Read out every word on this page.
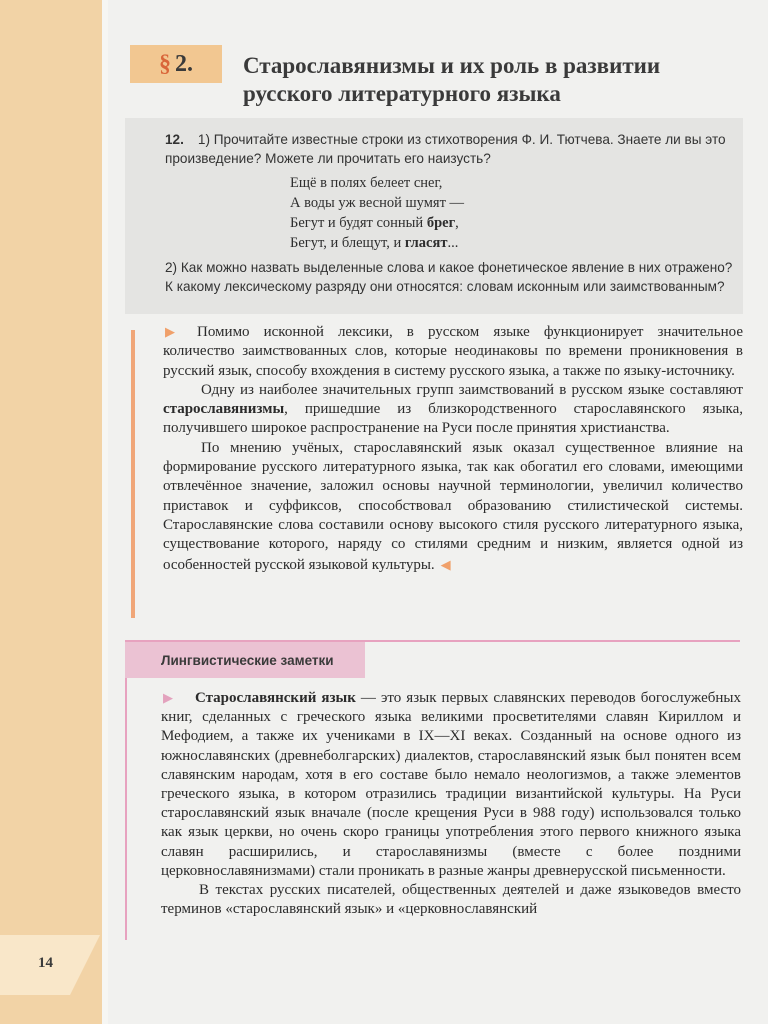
14
§ 2. Старославянизмы и их роль в развитии
русского литературного языка
12. 1) Прочитайте известные строки из стихотворения Ф. И. Тютчева. Знаете ли вы это произведение? Можете ли прочитать его наизусть?
Ещё в полях белеет снег,
А воды уж весной шумят —
Бегут и будят сонный брег,
Бегут, и блещут, и гласят...
2) Как можно назвать выделенные слова и какое фонетическое явление в них отражено? К какому лексическому разряду они относятся: словам исконным или заимствованным?

▶ Помимо исконной лексики, в русском языке функционирует значительное количество заимствованных слов, которые неодинаковы по времени проникновения в русский язык, способу вхождения в систему русского языка, а также по языку-источнику.

Одну из наиболее значительных групп заимствований в русском языке составляют старославянизмы, пришедшие из близкородственного старославянского языка, получившего широкое распространение на Руси после принятия христианства.

По мнению учёных, старославянский язык оказал существенное влияние на формирование русского литературного языка, так как обогатил его словами, имеющими отвлечённое значение, заложил основы научной терминологии, увеличил количество приставок и суффиксов, способствовал образованию стилистической системы. Старославянские слова составили основу высокого стиля русского литературного языка, существование которого, наряду со стилями средним и низким, является одной из особенностей русской языковой культуры. ◀

Лингвистические заметки

▶ Старославянский язык — это язык первых славянских переводов богослужебных книг, сделанных с греческого языка великими просветителями славян Кириллом и Мефодием, а также их учениками в IX—XI веках. Созданный на основе одного из южнославянских (древнеболгарских) диалектов, старославянский язык был понятен всем славянским народам, хотя в его составе было немало неологизмов, а также элементов греческого языка, в котором отразились традиции византийской культуры. На Руси старославянский язык вначале (после крещения Руси в 988 году) использовался только как язык церкви, но очень скоро границы употребления этого первого книжного языка славян расширились, и старославянизмы (вместе с более поздними церковнославянизмами) стали проникать в разные жанры древнерусской письменности.

В текстах русских писателей, общественных деятелей и даже языковедов вместо терминов «старославянский язык» и «церковнославянский
